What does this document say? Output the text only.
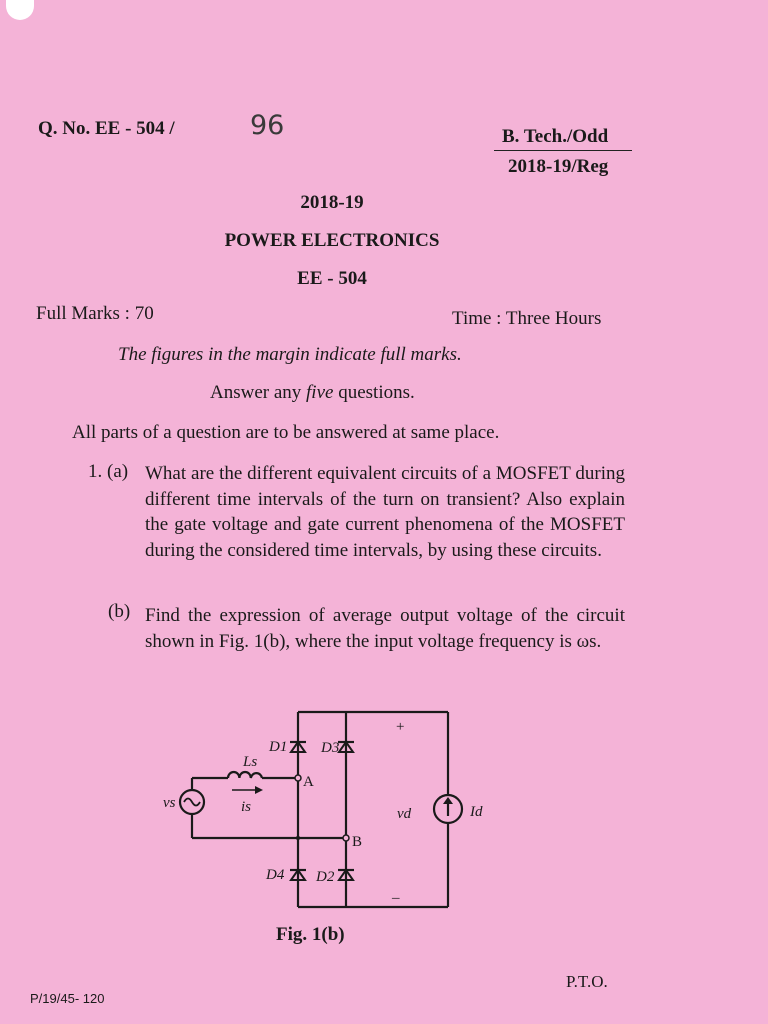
Q. No. EE - 504 /	96	B. Tech./Odd
2018-19/Reg
2018-19
POWER ELECTRONICS
EE - 504
Full Marks : 70	Time : Three Hours
The figures in the margin indicate full marks.
Answer any five questions.
All parts of a question are to be answered at same place.
1. (a) What are the different equivalent circuits of a MOSFET during different time intervals of the turn on transient? Also explain the gate voltage and gate current phenomena of the MOSFET during the considered time intervals, by using these circuits.
(b) Find the expression of average output voltage of the circuit shown in Fig. 1(b), where the input voltage frequency is ωs.
D1 D3
D4 D2
Ls
is
vs
vd	Id
A
B
+
–
Fig. 1(b)
P.T.O.
P/19/45- 120
